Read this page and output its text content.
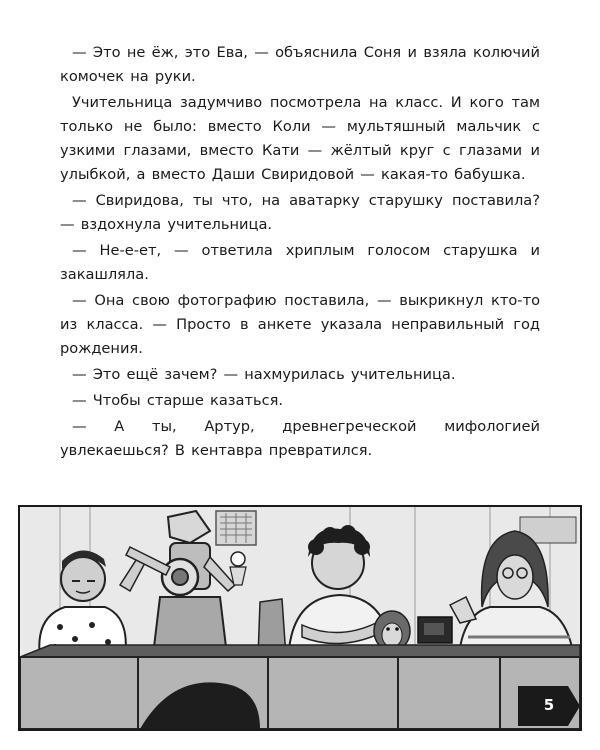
— Это не ёж, это Ева, — объяснила Соня и взяла колючий комочек на руки.

Учительница задумчиво посмотрела на класс. И кого там только не было: вместо Коли — мультяшный мальчик с узкими глазами, вместо Кати — жёлтый круг с глазами и улыбкой, а вместо Даши Свиридовой — какая-то бабушка.

— Свиридова, ты что, на аватарку старушку поставила? — вздохнула учительница.

— Не-е-ет, — ответила хриплым голосом старушка и закашляла.

— Она свою фотографию поставила, — выкрикнул кто-то из класса. — Просто в анкете указала неправильный год рождения.

— Это ещё зачем? — нахмурилась учительница.

— Чтобы старше казаться.

— А ты, Артур, древнегреческой мифологией увлекаешься? В кентавра превратился.

5
